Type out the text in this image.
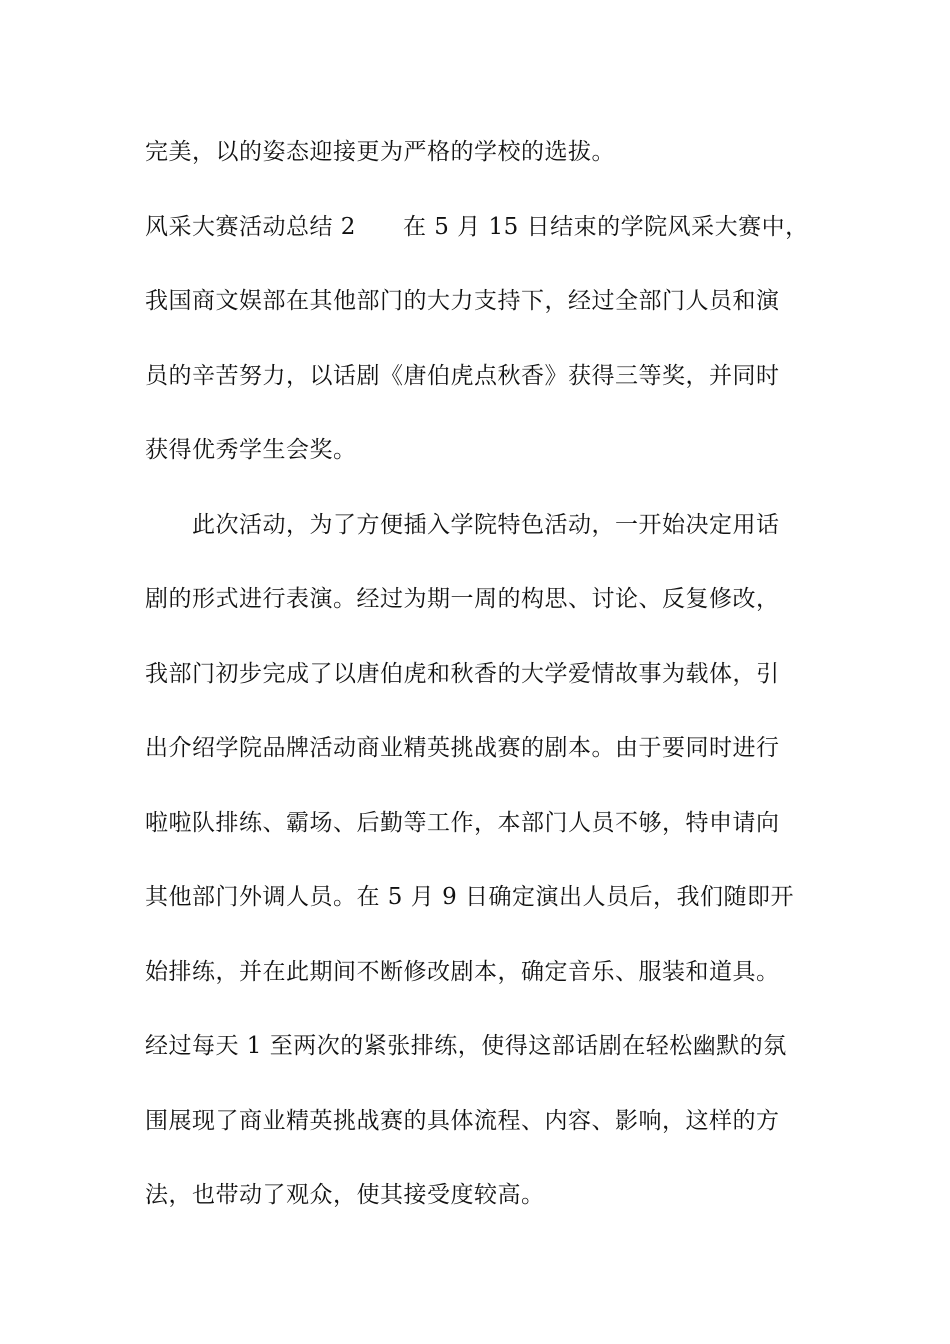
完美，以的姿态迎接更为严格的学校的选拔。
风采大赛活动总结 2　　在 5 月 15 日结束的学院风采大赛中，
我国商文娱部在其他部门的大力支持下，经过全部门人员和演
员的辛苦努力，以话剧《唐伯虎点秋香》获得三等奖，并同时
获得优秀学生会奖。
　　此次活动，为了方便插入学院特色活动，一开始决定用话
剧的形式进行表演。经过为期一周的构思、讨论、反复修改，
我部门初步完成了以唐伯虎和秋香的大学爱情故事为载体，引
出介绍学院品牌活动商业精英挑战赛的剧本。由于要同时进行
啦啦队排练、霸场、后勤等工作，本部门人员不够，特申请向
其他部门外调人员。在 5 月 9 日确定演出人员后，我们随即开
始排练，并在此期间不断修改剧本，确定音乐、服装和道具。
经过每天 1 至两次的紧张排练，使得这部话剧在轻松幽默的氛
围展现了商业精英挑战赛的具体流程、内容、影响，这样的方
法，也带动了观众，使其接受度较高。
